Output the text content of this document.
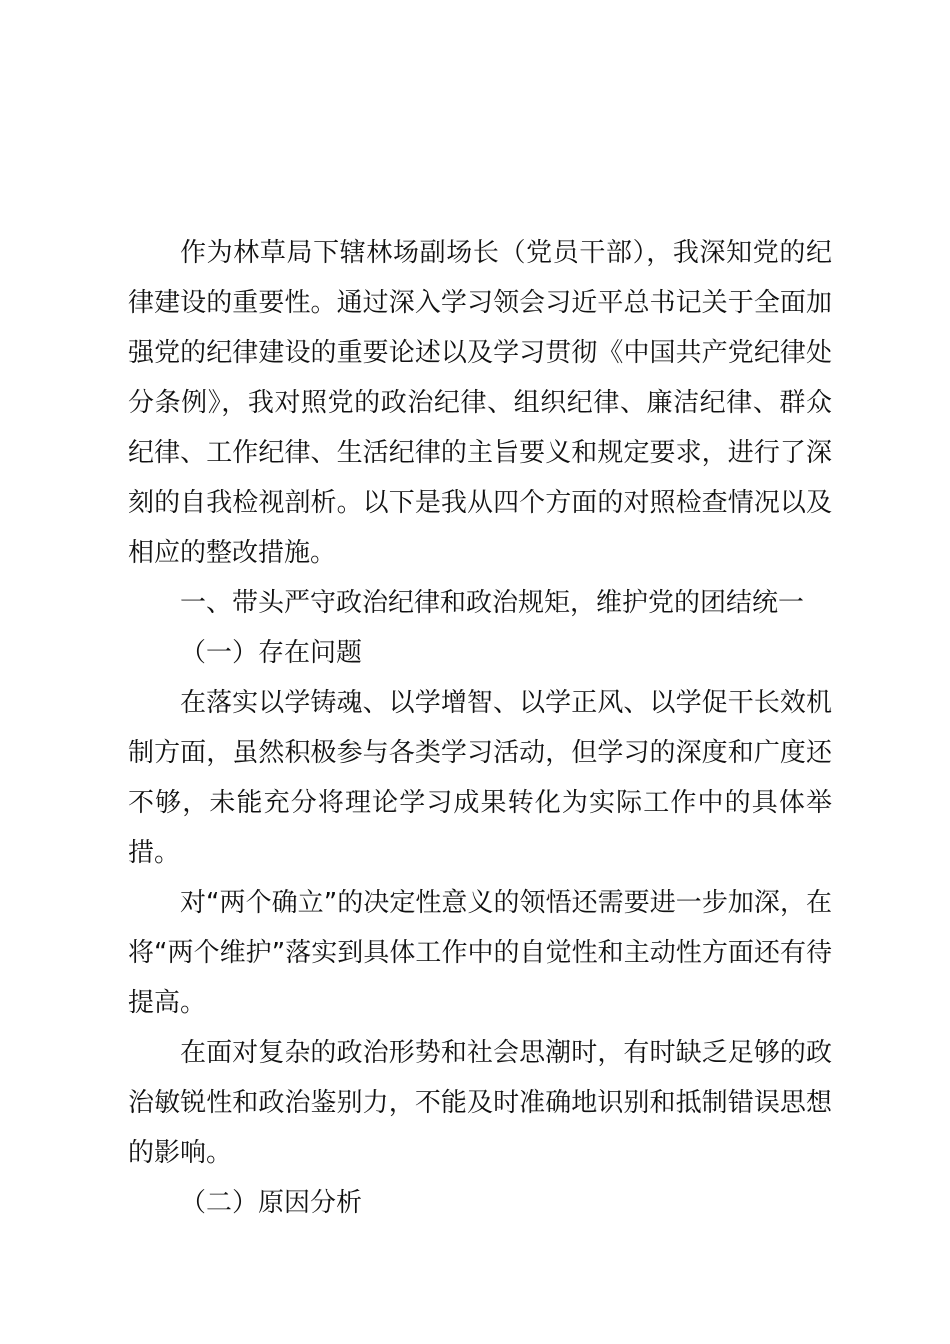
作为林草局下辖林场副场长（党员干部），我深知党的纪律建设的重要性。通过深入学习领会习近平总书记关于全面加强党的纪律建设的重要论述以及学习贯彻《中国共产党纪律处分条例》，我对照党的政治纪律、组织纪律、廉洁纪律、群众纪律、工作纪律、生活纪律的主旨要义和规定要求，进行了深刻的自我检视剖析。以下是我从四个方面的对照检查情况以及相应的整改措施。

一、带头严守政治纪律和政治规矩，维护党的团结统一

（一）存在问题

在落实以学铸魂、以学增智、以学正风、以学促干长效机制方面，虽然积极参与各类学习活动，但学习的深度和广度还不够，未能充分将理论学习成果转化为实际工作中的具体举措。

对“两个确立”的决定性意义的领悟还需要进一步加深，在将“两个维护”落实到具体工作中的自觉性和主动性方面还有待提高。

在面对复杂的政治形势和社会思潮时，有时缺乏足够的政治敏锐性和政治鉴别力，不能及时准确地识别和抵制错误思想的影响。

（二）原因分析
